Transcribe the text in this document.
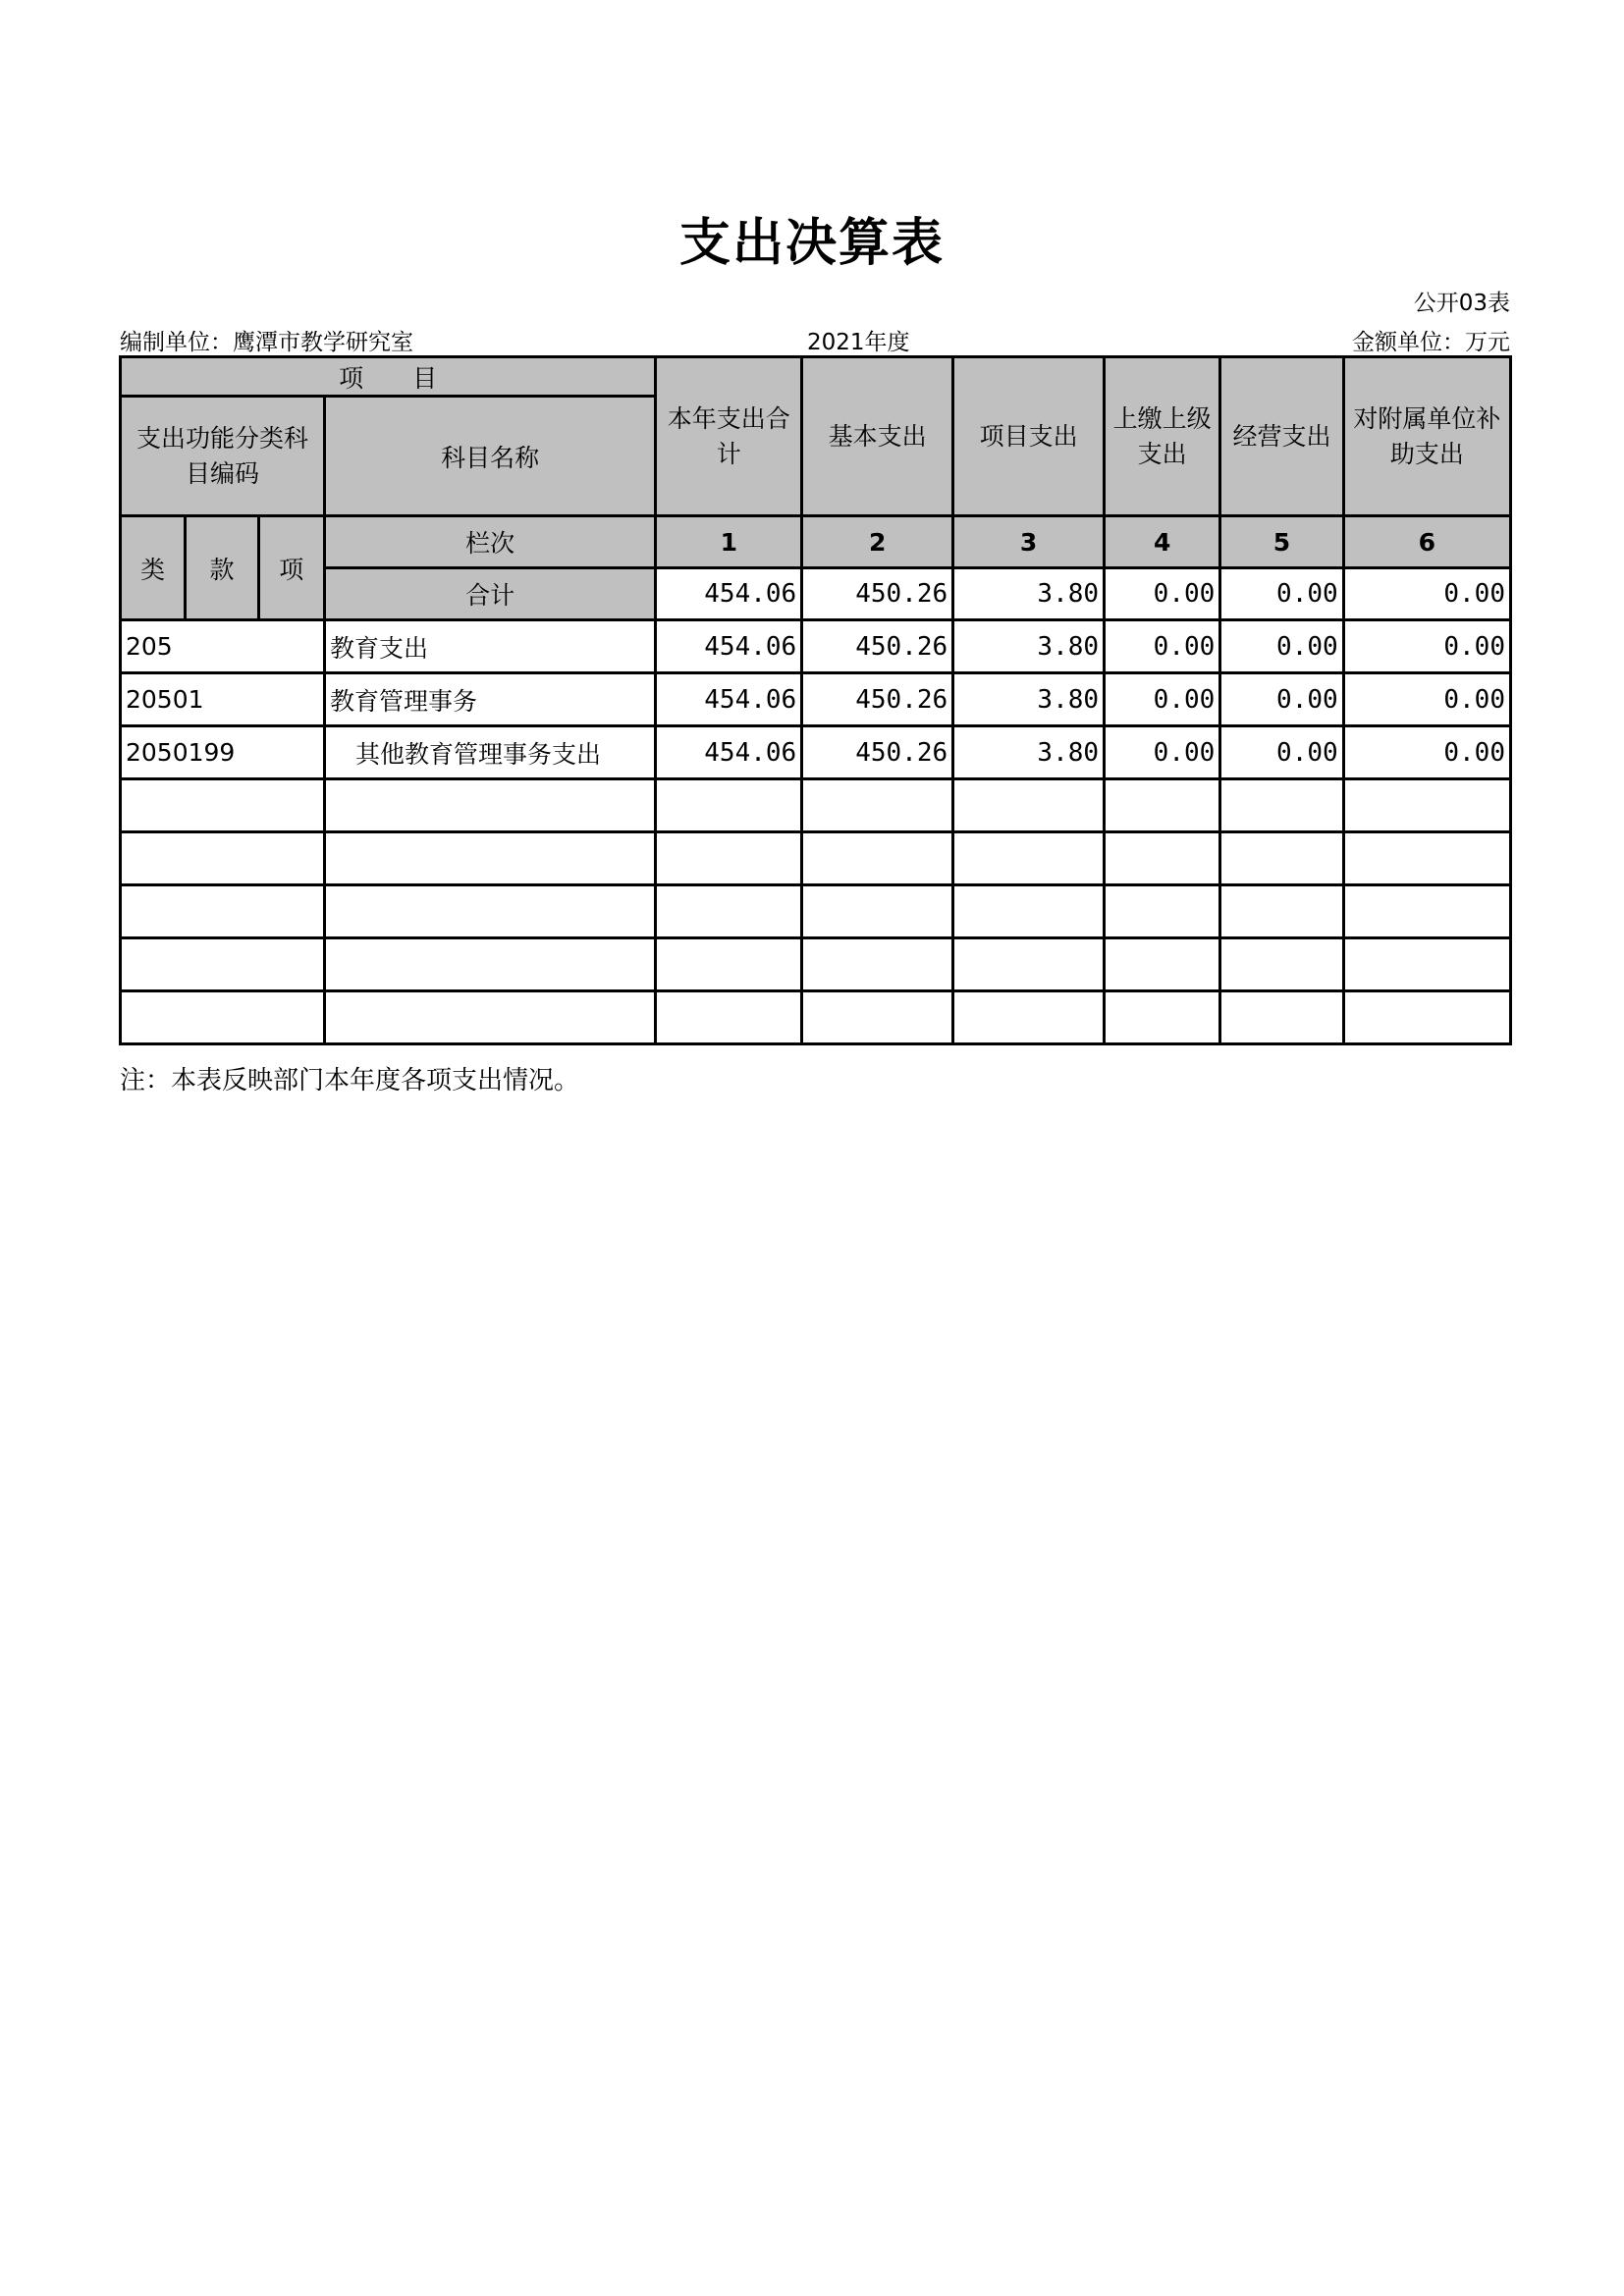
支出决算表
公开03表
编制单位：鹰潭市教学研究室	2021年度	金额单位：万元
项　　目				本年支出合计	基本支出	项目支出	上缴上级支出	经营支出	对附属单位补助支出
支出功能分类科目编码			科目名称						
类	款	项	栏次	1	2	3	4	5	6
			合计	454.06	450.26	3.80	0.00	0.00	0.00
205			教育支出	454.06	450.26	3.80	0.00	0.00	0.00
20501			教育管理事务	454.06	450.26	3.80	0.00	0.00	0.00
2050199			其他教育管理事务支出	454.06	450.26	3.80	0.00	0.00	0.00

注：本表反映部门本年度各项支出情况。
